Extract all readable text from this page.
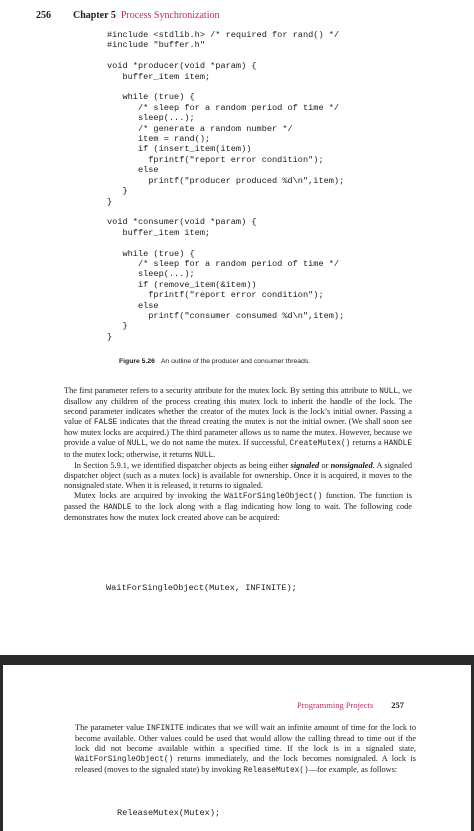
256 Chapter 5 Process Synchronization
#include <stdlib.h> /* required for rand() */
#include "buffer.h"

void *producer(void *param) {
buffer_item item;

while (true) {
/* sleep for a random period of time */
sleep(...);
/* generate a random number */
item = rand();
if (insert_item(item))
fprintf("report error condition");
else
printf("producer produced %d\n",item);
}
}

void *consumer(void *param) {
buffer_item item;

while (true) {
/* sleep for a random period of time */
sleep(...);
if (remove_item(&item))
fprintf("report error condition");
else
printf("consumer consumed %d\n",item);
}
}
Figure 5.26 An outline of the producer and consumer threads.

The first parameter refers to a security attribute for the mutex lock. By setting this attribute to NULL, we disallow any children of the process creating this mutex lock to inherit the handle of the lock. The second parameter indicates whether the creator of the mutex lock is the lock’s initial owner. Passing a value of FALSE indicates that the thread creating the mutex is not the initial owner. (We shall soon see how mutex locks are acquired.) The third parameter allows us to name the mutex. However, because we provide a value of NULL, we do not name the mutex. If successful, CreateMutex() returns a HANDLE to the mutex lock; otherwise, it returns NULL.

In Section 5.9.1, we identified dispatcher objects as being either signaled or nonsignaled. A signaled dispatcher object (such as a mutex lock) is available for ownership. Once it is acquired, it moves to the nonsignaled state. When it is released, it returns to signaled.

Mutex locks are acquired by invoking the WaitForSingleObject() function. The function is passed the HANDLE to the lock along with a flag indicating how long to wait. The following code demonstrates how the mutex lock created above can be acquired:

WaitForSingleObject(Mutex, INFINITE);
Programming Projects 257

The parameter value INFINITE indicates that we will wait an infinite amount of time for the lock to become available. Other values could be used that would allow the calling thread to time out if the lock did not become available within a specified time. If the lock is in a signaled state, WaitForSingleObject() returns immediately, and the lock becomes nonsignaled. A lock is released (moves to the signaled state) by invoking ReleaseMutex()—for example, as follows:

ReleaseMutex(Mutex);
